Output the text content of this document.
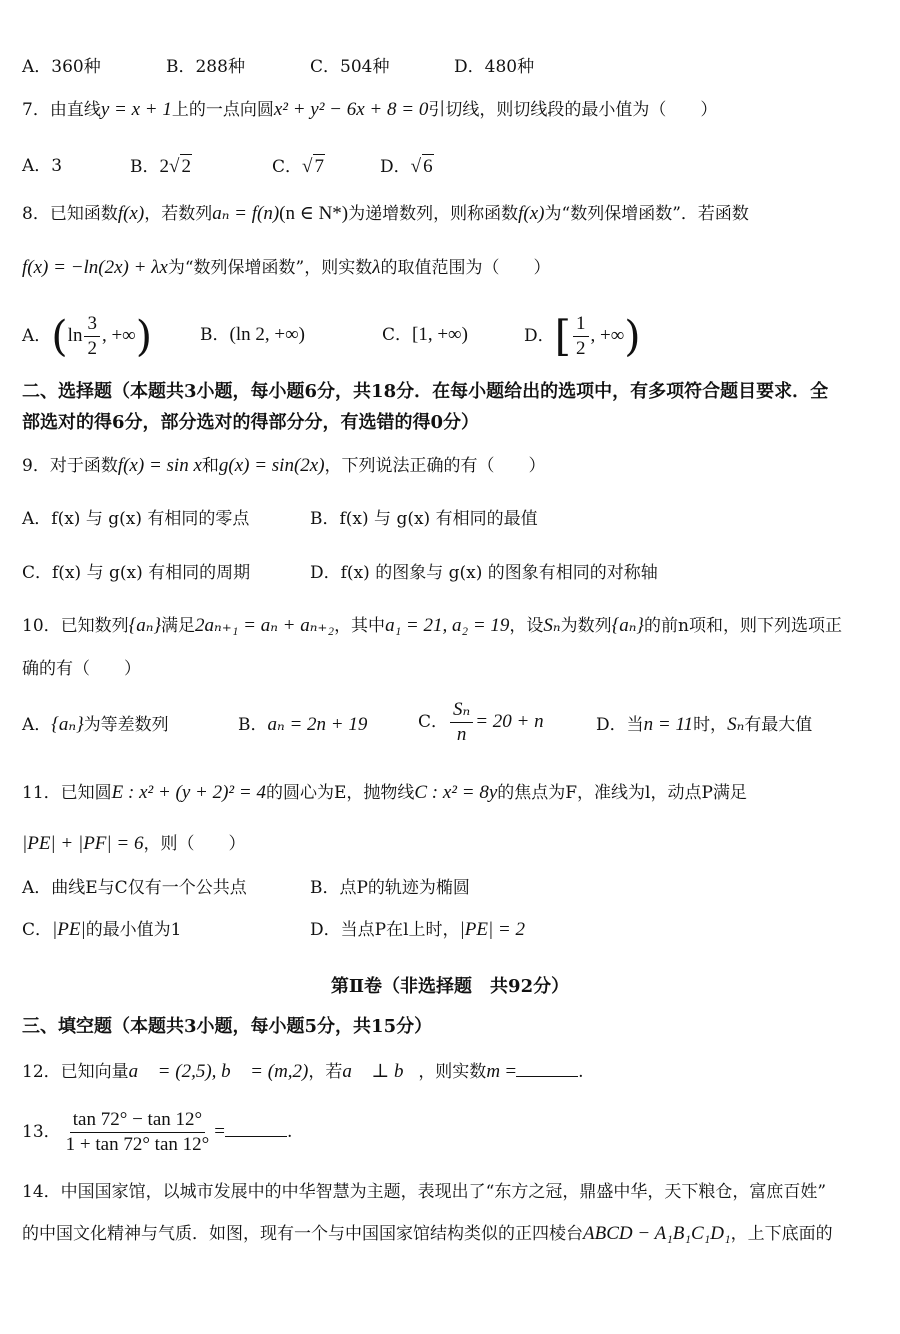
A．360种	B．288种	C．504种	D．480种
7．由直线y = x + 1上的一点向圆x² + y² − 6x + 8 = 0引切线，则切线段的最小值为（　　）
A．3	B．2√ 2	C．√ 7	D．√ 6
8．已知函数f(x)，若数列aₙ = f(n)(n ∈ N*)为递增数列，则称函数f(x)为“数列保增函数”．若函数
f(x) = −ln(2x) + λx为“数列保增函数”，则实数λ的取值范围为（　　）
A．($\ln \frac{3}{2}$ , +∞)	B．(ln 2, +∞)	C．[1, +∞)	D．[ $\frac{1}{2}$ , +∞)
二、选择题（本题共3小题，每小题6分，共18分．在每小题给出的选项中，有多项符合题目要求．全
部选对的得6分，部分选对的得部分分，有选错的得0分）
9．对于函数f(x) = sin x和g(x) = sin(2x)，下列说法正确的有（　　）
A．f(x) 与 g(x) 有相同的零点	B．f(x) 与 g(x) 有相同的最值
C．f(x) 与 g(x) 有相同的周期	D．f(x) 的图象与 g(x) 的图象有相同的对称轴
10．已知数列{aₙ}满足2aₙ₊₁ = aₙ + aₙ₊₂，其中a₁ = 21, a₂ = 19，设Sₙ为数列{aₙ}的前n项和，则下列选项正
确的有（　　）
A．{aₙ}为等差数列	B．aₙ = 2n + 19	C． $\frac{\text{Sₙ}}{n} = 20 + n$	D．当n = 11时，Sₙ有最大值
11．已知圆E : x² + (y + 2)² = 4的圆心为E，抛物线C : x² = 8y的焦点为F，准线为l，动点P满足
|PE| + |PF| = 6，则（　　）
A．曲线E与C仅有一个公共点	B．点P的轨迹为椭圆
C．|PE|的最小值为1	D．当点P在l上时，|PE| = 2
第Ⅱ卷（非选择题　共92分）
三、填空题（本题共3小题，每小题5分，共15分）
12．已知向量a⃗ = (2,5), b⃗ = (m,2)，若a⃗ ⊥ b⃗，则实数m =	.
13． $\frac{\tan 72^\circ - \tan 12^\circ}{1 + \tan 72^\circ \tan 12^\circ}$ =	.
14．中国国家馆，以城市发展中的中华智慧为主题，表现出了“东方之冠，鼎盛中华，天下粮仓，富庶百姓”
的中国文化精神与气质．如图，现有一个与中国国家馆结构类似的正四棱台ABCD − A₁B₁C₁D₁，上下底面的
